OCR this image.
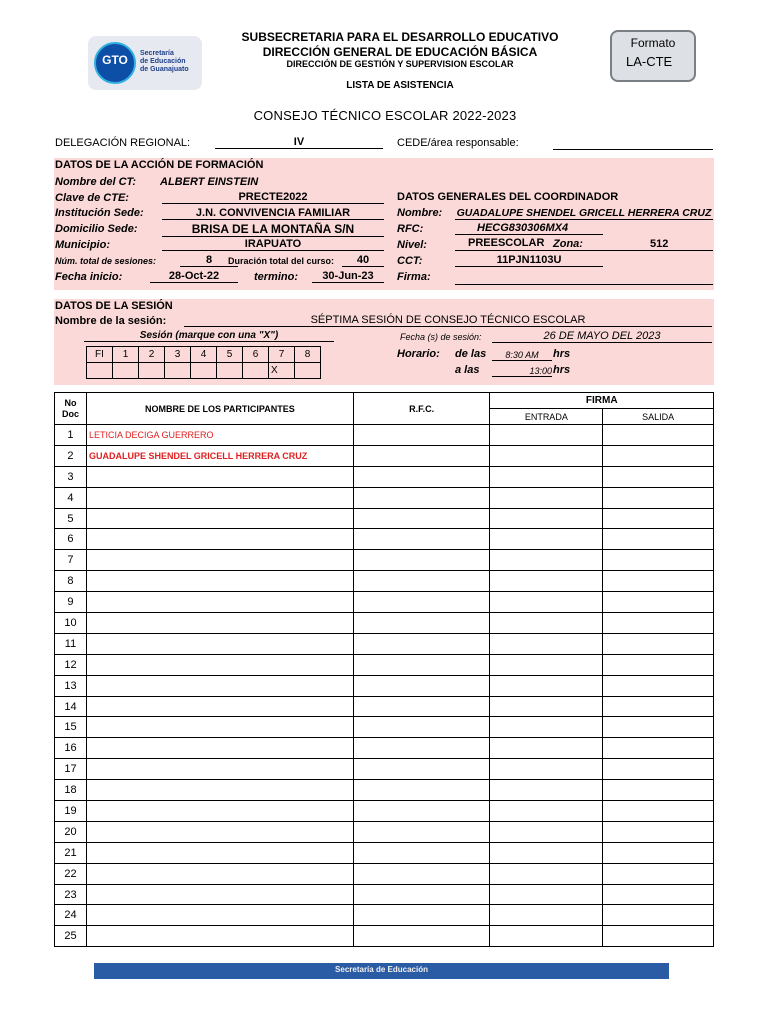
GTO	Secretaría
de Educación
de Guanajuato
SUBSECRETARIA PARA EL DESARROLLO EDUCATIVO
DIRECCIÓN GENERAL DE EDUCACIÓN BÁSICA
DIRECCIÓN DE GESTIÓN Y SUPERVISION ESCOLAR
LISTA DE ASISTENCIA
CONSEJO TÉCNICO ESCOLAR 2022-2023
Formato
LA-CTE
DELEGACIÓN REGIONAL:	IV	CEDE/área responsable:
DATOS DE LA ACCIÓN DE FORMACIÓN
Nombre del CT: ALBERT EINSTEIN
Clave de CTE:	PRECTE2022
Institución Sede:	J.N. CONVIVENCIA FAMILIAR
Domicilio Sede:	BRISA DE LA MONTAÑA S/N
Municipio:	IRAPUATO
Núm. total de sesiones:	8	Duración total del curso:	40
Fecha inicio:	28-Oct-22	termino:	30-Jun-23
DATOS GENERALES DEL COORDINADOR
Nombre: GUADALUPE SHENDEL GRICELL HERRERA CRUZ
RFC:	HECG830306MX4
Nivel:	PREESCOLAR Zona:	512
CCT:	11PJN1103U
Firma:
DATOS DE LA SESIÓN
Nombre de la sesión:	SÉPTIMA SESIÓN DE CONSEJO TÉCNICO ESCOLAR
Sesión (marque con una "X")	Fecha (s) de sesión:	26 DE MAYO DEL 2023
Horario: de las	8:30 AM	hrs
a las	13:00 hrs
FI	1	2	3	4	5	6	7	8
							X	
No
Doc	NOMBRE DE LOS PARTICIPANTES	R.F.C.	FIRMA	
			ENTRADA	SALIDA
1	LETICIA DECIGA GUERRERO			
2	GUADALUPE SHENDEL GRICELL HERRERA CRUZ			
3				
4				
5				
6				
7				
8				
9				
10				
11				
12				
13				
14				
15				
16				
17				
18				
19				
20				
21				
22				
23				
24				
25				
Secretaría de Educación
